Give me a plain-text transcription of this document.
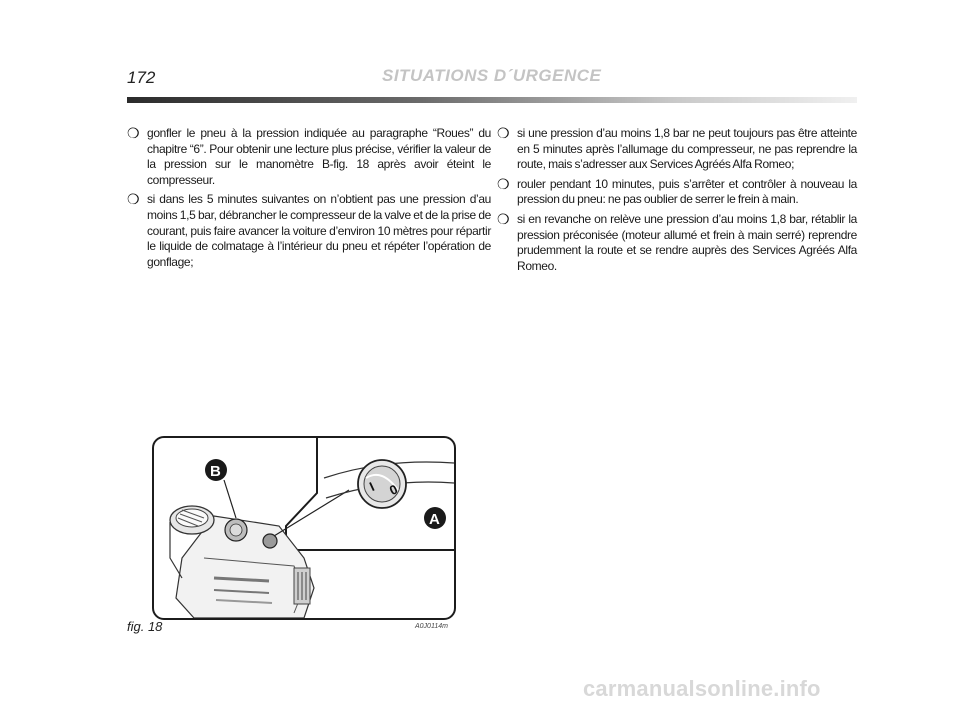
172	SITUATIONS D´URGENCE
❍ gonfler le pneu à la pression indiquée au paragraphe “Roues” du chapitre “6”. Pour obtenir une lecture plus précise, vérifier la valeur de la pression sur le manomètre B-fig. 18 après avoir éteint le compresseur.
❍ si dans les 5 minutes suivantes on n’obtient pas une pression d’au moins 1,5 bar, débrancher le compresseur de la valve et de la prise de courant, puis faire avancer la voiture d’environ 10 mètres pour répartir le liquide de colmatage à l’intérieur du pneu et répéter l’opération de gonflage;
❍ si une pression d’au moins 1,8 bar ne peut toujours pas être atteinte en 5 minutes après l’allumage du compresseur, ne pas reprendre la route, mais s’adresser aux Services Agréés Alfa Romeo;
❍ rouler pendant 10 minutes, puis s’arrêter et contrôler à nouveau la pression du pneu: ne pas oublier de serrer le frein à main.
❍ si en revanche on relève une pression d’au moins 1,8 bar, rétablir la pression préconisée (moteur allumé et frein à main serré) reprendre prudemment la route et se rendre auprès des Services Agréés Alfa Romeo.
I 0
B
A
fig. 18	A0J0114m
carmanualsonline.info
